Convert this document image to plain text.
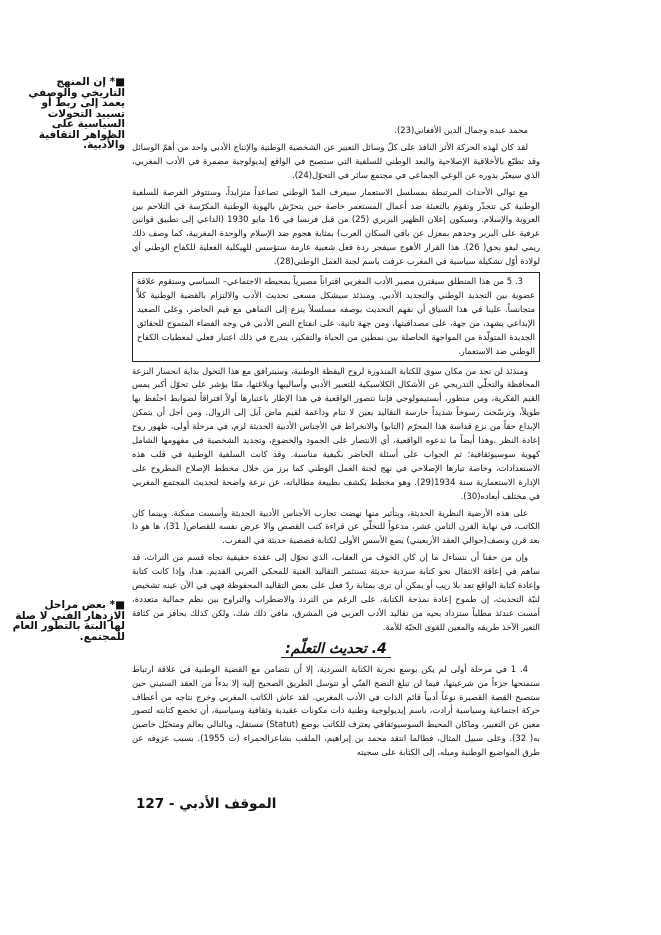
■* إن المنهج التاريخي والوصفي يعمد إلى ربط أو تسييد التحولات السياسية على الظواهر الثقافية والأدبية.
■* بعض مراحل الازدهار الفني لا صلة لها البتة بالتطور العام للمجتمع.

محمد عبده وجمال الدين الأفغاني(23).

لقد كان لهذه الحركة الأثر النافذ على كلّ وسائل التعبير عن الشخصية الوطنية والإنتاج الأدبي واحد من أهمّ الوسائل وقد تطبّع بالأخلاقية الإصلاحية والبعد الوطني للسلفية التي ستصبح في الواقع إيديولوجية مضمرة في الأدب المغربي، الذي سيعبّر بدوره عن الوعي الجماعي في مجتمع سائر في التحوّل(24).

مع توالي الأحداث المرتبطة بمسلسل الاستعمار سيعرف المدّ الوطني تصاعداً متزايداً، وستتوفر الفرصة للسلفية الوطنية كي تتجذّر وتقوم بالتعبئة ضد أعمال المستعمر خاصة حين يتحرّش بالهوية الوطنية المكرّسة في التلاحم بين العروبة والإسلام. وسيكون إعلان الظهير البربري (25) من قبل فرنسا في 16 مايو 1930 (الداعي إلى تطبيق قوانين عرفية على البربر وحدهم بمعزل عن باقي السكان العرب) بمثابة هجوم ضد الإسلام والوحدة المغربية، كما وصف ذلك ريمي ليفو بحق( 26). هذا القرار الأهوج سيفجر ردة فعل شعبية عارمة ستؤسس للهيكلية الفعلية للكفاح الوطني أي لولادة أوّل تشكيلة سياسية في المغرب عرفت باسم لجنة العمل الوطني(28).

3. 5 من هذا المنطلق سيقترن مصير الأدب المغربي اقتراناً مصيرياً بمحيطه الاجتماعي– السياسي وستقوم علاقة عضوية بين التجديد الوطني والتجديد الأدبي. ومنذئذ سيشكل مسعى تحديث الأدب والالتزام بالقضية الوطنية كلاًّ متجانساً. علينا في هذا السياق أن نفهم التحديث بوصفه مسلسلاً ينزع إلى التماهي مع قيم الحاضر، وعلى الصعيد الإبداعي يشهد، من جهة، على مصداقيتها، ومن جهة ثانية، على انفتاح النص الأدبي في وجه الفضاء المتموج للحقائق الجديدة المتولّدة من المواجهة الحاصلة بين نمطين من الحياة والتفكير، يندرج في ذلك اعتبار فعلي لمعطيات الكفاح الوطني ضد الاستعمار.

ومنذئذ لن تجد من مكان سوى للكتابة المنذورة لروح اليقظة الوطنية، وسيترافق مع هذا التحول بداية انحسار النزعة المحافظة والتخلّي التدريجي عن الأشكال الكلاسيكية للتعبير الأدبي وأساليبها وبلاغتها، ممّا يؤشر على تحوّل أكبر يمس القيم الفكرية، ومن منظور، أبستيمولوجي فإننا نتصور الواقعية في هذا الإطار باعتبارها أولاً افتراقاً لضوابط احتُفظ بها طويلاً، وترسّخت رسوخاً شديداً حارسة التقاليد بعين لا تنام وداعمة لقيم ماض آيل إلى الزوال. ومن أجل أن يتمكن الإبداع حقاً من نزع قداسة هذا المحرّم (التابو) والانخراط في الأجناس الأدبية الحديثة لزم، في مرحلة أولى، ظهور روح إعادة النظر .وهذا أيضاً ما ندعوه الواقعية، أي الانتصار على الجمود والخضوع، وتجديد الشخصية في مفهومها الشامل كهوية سوسيوثقافية؛ ثم الجواب على أسئلة الحاضر بكيفية مناسبة. وقد كانت السلفية الوطنية في قلب هذه الاستعدادات، وخاصة تيارها الإصلاحي في نهج لجنة العمل الوطني كما برز من خلال مخطط الإصلاح المطروح على الإدارة الاستعمارية سنة 1934(29). وهو مخطط يكشف بطبيعة مطالباته، عن نزعة واضحة لتحديث المجتمع المغربي في مختلف أبعاده(30).

على هذه الأرضية النظرية الحديثة، وبتأثير منها نهضت تجارب الأجناس الأدبية الحديثة وأسست ممكنة. وبينما كان الكاتب، في نهاية القرن الثامن عشر، مدعواً للتخلّي عن قراءة كتب القصص والا عرض نفسه للقصاص( 31)، ها هو ذا بعد قرن ونصف(حوالي العقد الأربعيني) يضع الأسس الأولى لكتابة قصصية حديثة في المغرب.

وإن من حقنا أن نتساءل ما إن كان الخوف من العقاب، الذي تحوّل إلى عقدة حقيقية تجاه قسم من التراث، قد ساهم في إعاقة الانتقال نحو كتابة سردية حديثة تستثمر التقاليد الغنية للمحكي العربي القديم. هذا، وإذا كانت كتابة وإعادة كتابة الواقع تعد بلا ريب أو يمكن أن ترى بمثابة ردّ فعل على بعض التقاليد المحفوظة فهي في الآن عينه تشخيص لنيّة التحديث، إن طموح إعادة نمذجة الكتابة، على الرغم من التردد والاضطراب والتراوح بين نظم جمالية متعددة، أمست عندئذ مطلباً ستزداد بحيه من تقاليد الأدب العربي في المشرق، مافي ذلك شك، ولكن كذلك بحافز من كثافة التغير الآخذ طريقه والمعين للقوى الحيّة للأمة.

4. تحديث التعلّم:

4. 1 في مرحلة أولى لم يكن بوسع تجربة الكتابة السردية، إلا أن تتضامن مع القضية الوطنية في علاقة ارتباط ستمنحها جزءاً من شرعيتها، فيما لن تبلغ النضج الفنّي أو تتوسل الطريق الصحيح إليه إلا بدءاً من العقد الستيني حين ستصبح القصة القصيرة نوعاً أدبياً قائم الذات في الأدب المغربي. لقد عاش الكاتب المغربي وخرج نتاجه من أعطاف حركة اجتماعية وسياسية أرادت، باسم إيديولوجية وطنية ذات مكونات عقيدية وثقافية وسياسية، أن تخضع كتابته لتصور معين عن التعبير، وماكان المحيط السوسيوثقافي يعترف للكاتب بوضع (Statut) مستقل، وبالتالي بعالم ومتخيّل خاصين به( 32). وعلى سبيل المثال، فطالما انتقد محمد بن إبراهيم، الملقب بشاعرالحمراء (ت 1955). بسبب عزوفه عن طرق المواضيع الوطنية وميله، إلى الكتابة على سجيته

الموقف الأدبي - 127
